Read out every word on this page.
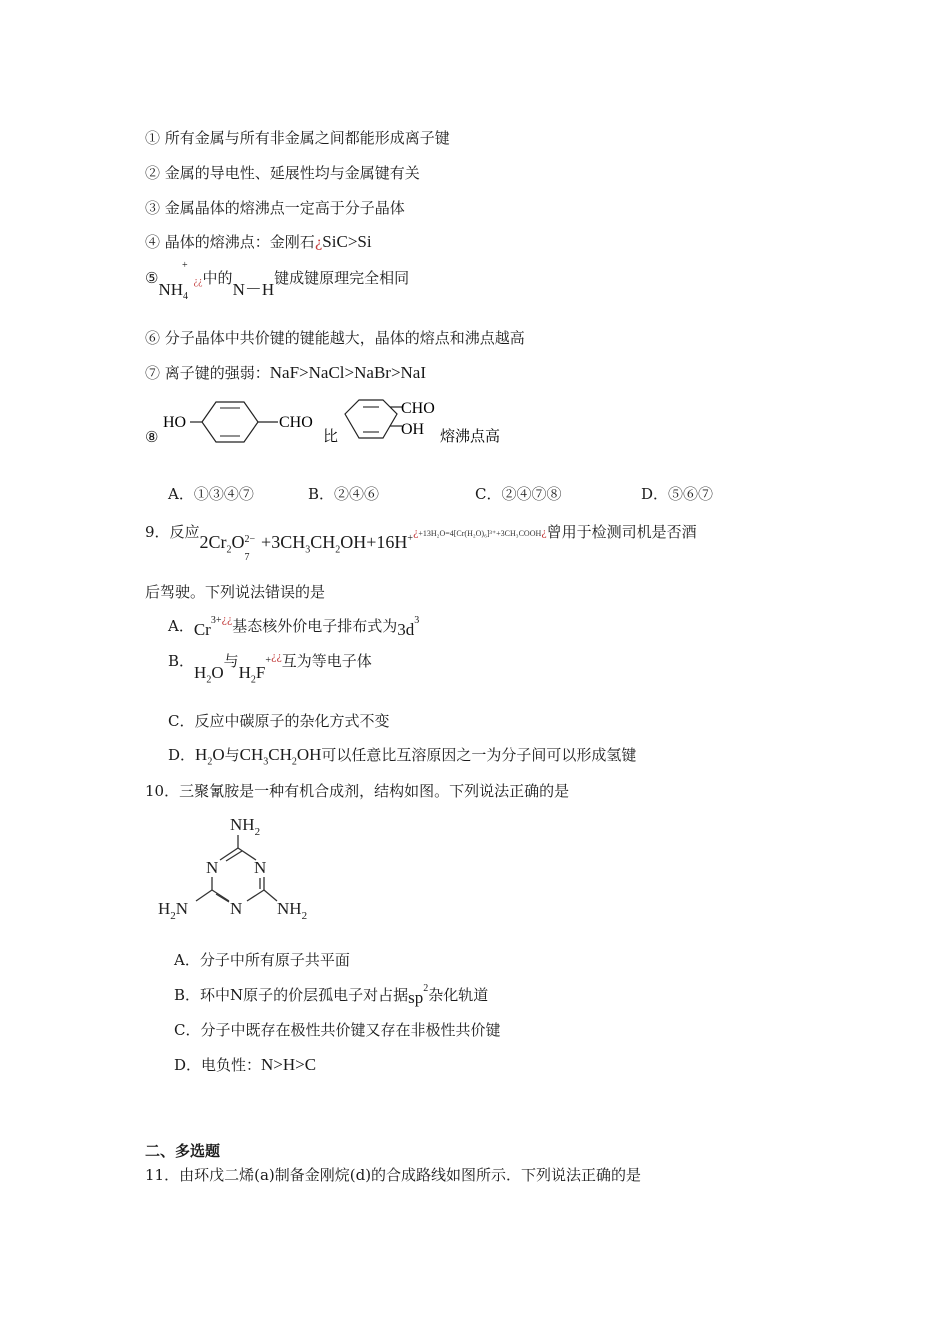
① 所有金属与所有非金属之间都能形成离子键
② 金属的导电性、延展性均与金属键有关
③ 金属晶体的熔沸点一定高于分子晶体
④ 晶体的熔沸点：金刚石¿SiC>Si
$⑤NH_4^{+¿¿}$中的N－H键成键原理完全相同
⑥ 分子晶体中共价键的键能越大，晶体的熔点和沸点越高
⑦ 离子键的强弱：NaF>NaCl>NaBr>NaI
⑧
HO	CHO
比
CHO
OH 熔沸点高
A．①③④⑦	B．②④⑥	C．②④⑦⑧	D．⑤⑥⑦
9．反应$2Cr_2O$ 2−
7
$+3CH_3CH_2OH+16H^{+¿+13H_2O=4[Cr(H_2O)_6]^{3+}+3CH_3COOH¿}$曾用于检测司机是否酒
后驾驶。下列说法错误的是
A．$Cr^{3+¿¿}$基态核外价电子排布式为$3d^3$
B．$H_2O$与$H_2F^{+¿¿}$互为等电子体
C．反应中碳原子的杂化方式不变
D．$H_2O$与$CH_3CH_2OH$可以任意比互溶原因之一为分子间可以形成氢键
10．三聚氰胺是一种有机合成剂，结构如图。下列说法正确的是
$NH_2$
N N
N
$H_2N$	$NH_2$
A．分子中所有原子共平面
B．环中N原子的价层孤电子对占据$sp^2$杂化轨道
C．分子中既存在极性共价键又存在非极性共价键
D．电负性：N>H>C
二、多选题
11．由环戊二烯(a)制备金刚烷(d)的合成路线如图所示．下列说法正确的是
